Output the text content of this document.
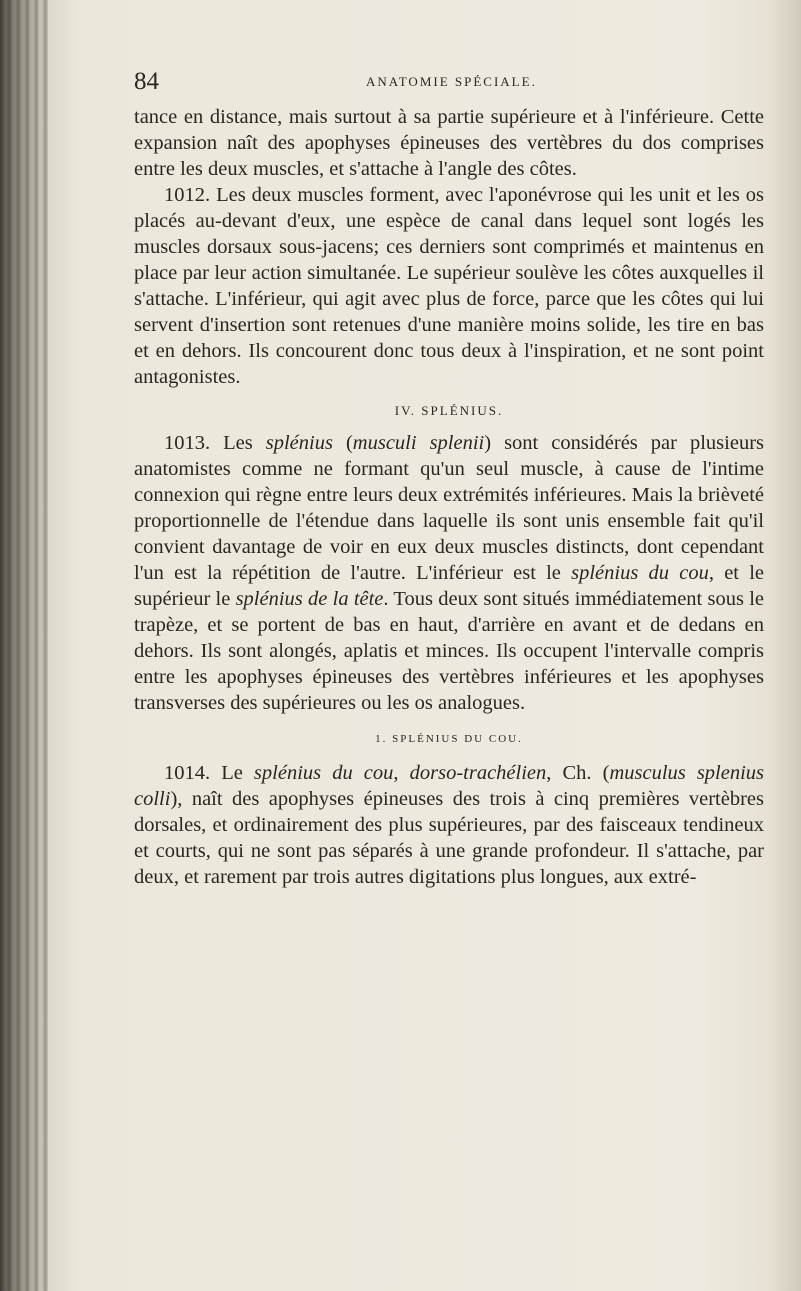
84	ANATOMIE SPÉCIALE.

tance en distance, mais surtout à sa partie supérieure et à l'inférieure. Cette expansion naît des apophyses épineuses des vertèbres du dos comprises entre les deux muscles, et s'attache à l'angle des côtes.

1012. Les deux muscles forment, avec l'aponévrose qui les unit et les os placés au-devant d'eux, une espèce de canal dans lequel sont logés les muscles dorsaux sous-jacens; ces derniers sont comprimés et maintenus en place par leur action simultanée. Le supérieur soulève les côtes auxquelles il s'attache. L'inférieur, qui agit avec plus de force, parce que les côtes qui lui servent d'insertion sont retenues d'une manière moins solide, les tire en bas et en dehors. Ils concourent donc tous deux à l'inspiration, et ne sont point antagonistes.

IV. SPLÉNIUS.

1013. Les splénius (musculi splenii) sont considérés par plusieurs anatomistes comme ne formant qu'un seul muscle, à cause de l'intime connexion qui règne entre leurs deux extrémités inférieures. Mais la brièveté proportionnelle de l'étendue dans laquelle ils sont unis ensemble fait qu'il convient davantage de voir en eux deux muscles distincts, dont cependant l'un est la répétition de l'autre. L'inférieur est le splénius du cou, et le supérieur le splénius de la tête. Tous deux sont situés immédiatement sous le trapèze, et se portent de bas en haut, d'arrière en avant et de dedans en dehors. Ils sont alongés, aplatis et minces. Ils occupent l'intervalle compris entre les apophyses épineuses des vertèbres inférieures et les apophyses transverses des supérieures ou les os analogues.

1. SPLÉNIUS DU COU.

1014. Le splénius du cou, dorso-trachélien, Ch. (musculus splenius colli), naît des apophyses épineuses des trois à cinq premières vertèbres dorsales, et ordinairement des plus supérieures, par des faisceaux tendineux et courts, qui ne sont pas séparés à une grande profondeur. Il s'attache, par deux, et rarement par trois autres digitations plus longues, aux extré-
